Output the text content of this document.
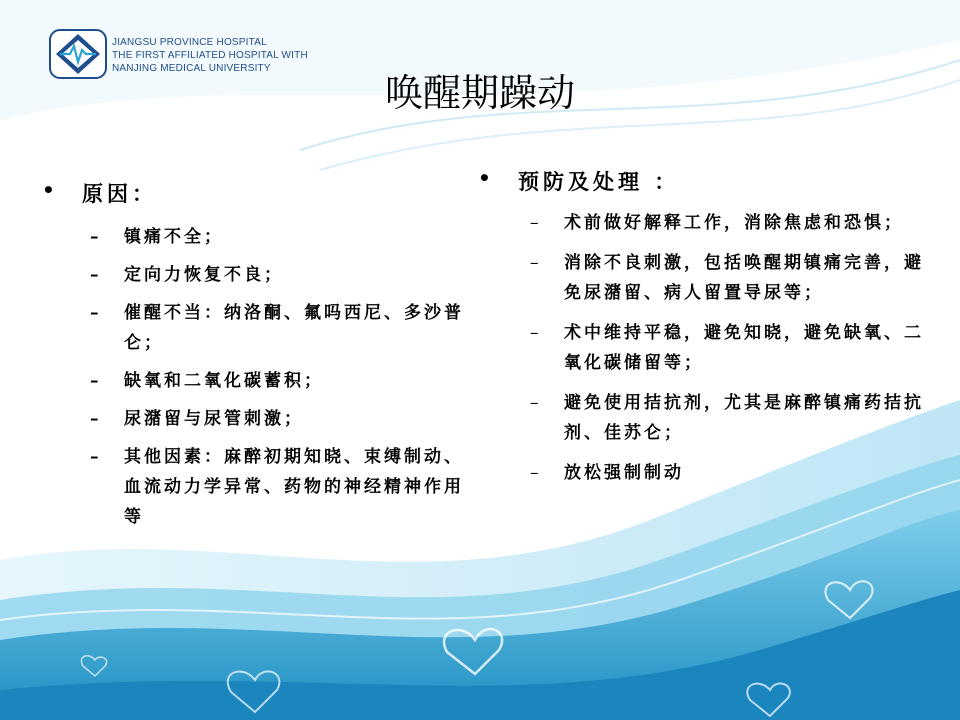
JIANGSU PROVINCE HOSPITAL
THE FIRST AFFILIATED HOSPITAL WITH
NANJING MEDICAL UNIVERSITY
唤醒期躁动
•	原因：
–	镇痛不全；
–	定向力恢复不良；
–	催醒不当：纳洛酮、氟吗西尼、多沙普仑；
–	缺氧和二氧化碳蓄积；
–	尿潴留与尿管刺激；
–	其他因素：麻醉初期知晓、束缚制动、血流动力学异常、药物的神经精神作用等
•	预防及处理 ：
–	术前做好解释工作，消除焦虑和恐惧；
–	消除不良刺激，包括唤醒期镇痛完善，避免尿潴留、病人留置导尿等；
–	术中维持平稳，避免知晓，避免缺氧、二氧化碳储留等；
–	避免使用拮抗剂，尤其是麻醉镇痛药拮抗剂、佳苏仑；
–	放松强制制动
